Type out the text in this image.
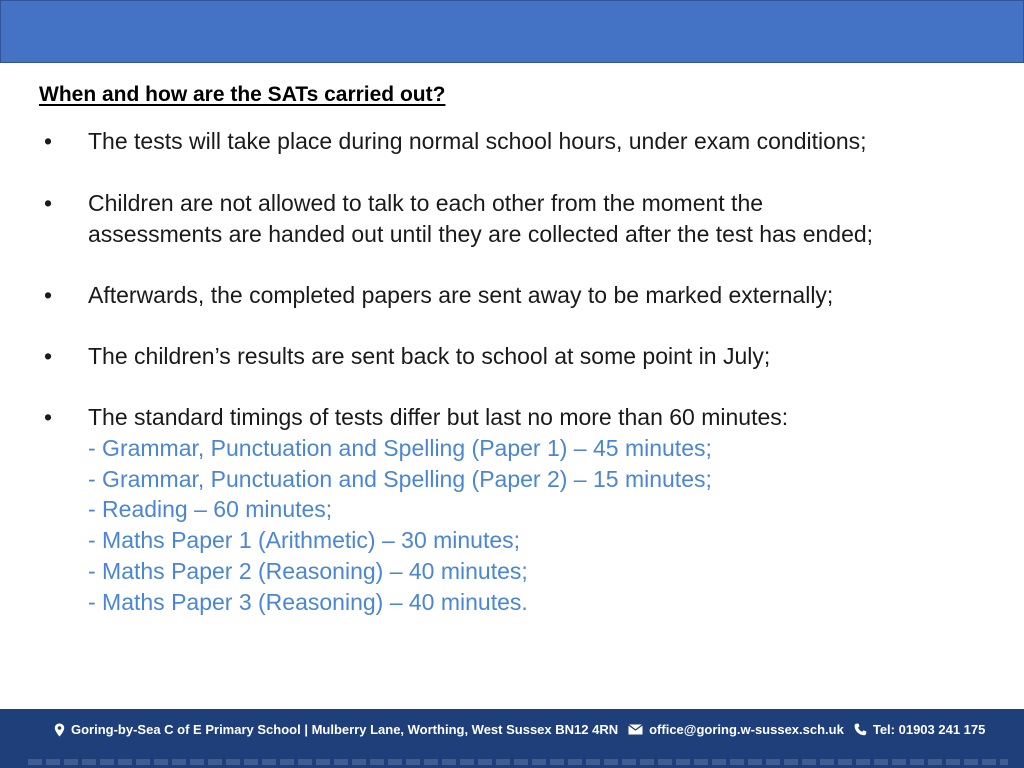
When and how are the SATs carried out?
•	The tests will take place during normal school hours, under exam conditions;
•	Children are not allowed to talk to each other from the moment the
assessments are handed out until they are collected after the test has ended;
•	Afterwards, the completed papers are sent away to be marked externally;
•	The children’s results are sent back to school at some point in July;
•	The standard timings of tests differ but last no more than 60 minutes:
- Grammar, Punctuation and Spelling (Paper 1) – 45 minutes;
- Grammar, Punctuation and Spelling (Paper 2) – 15 minutes;
- Reading – 60 minutes;
- Maths Paper 1 (Arithmetic) – 30 minutes;
- Maths Paper 2 (Reasoning) – 40 minutes;
- Maths Paper 3 (Reasoning) – 40 minutes.
Goring-by-Sea C of E Primary School | Mulberry Lane, Worthing, West Sussex BN12 4RN office@goring.w-sussex.sch.uk Tel: 01903 241 175
